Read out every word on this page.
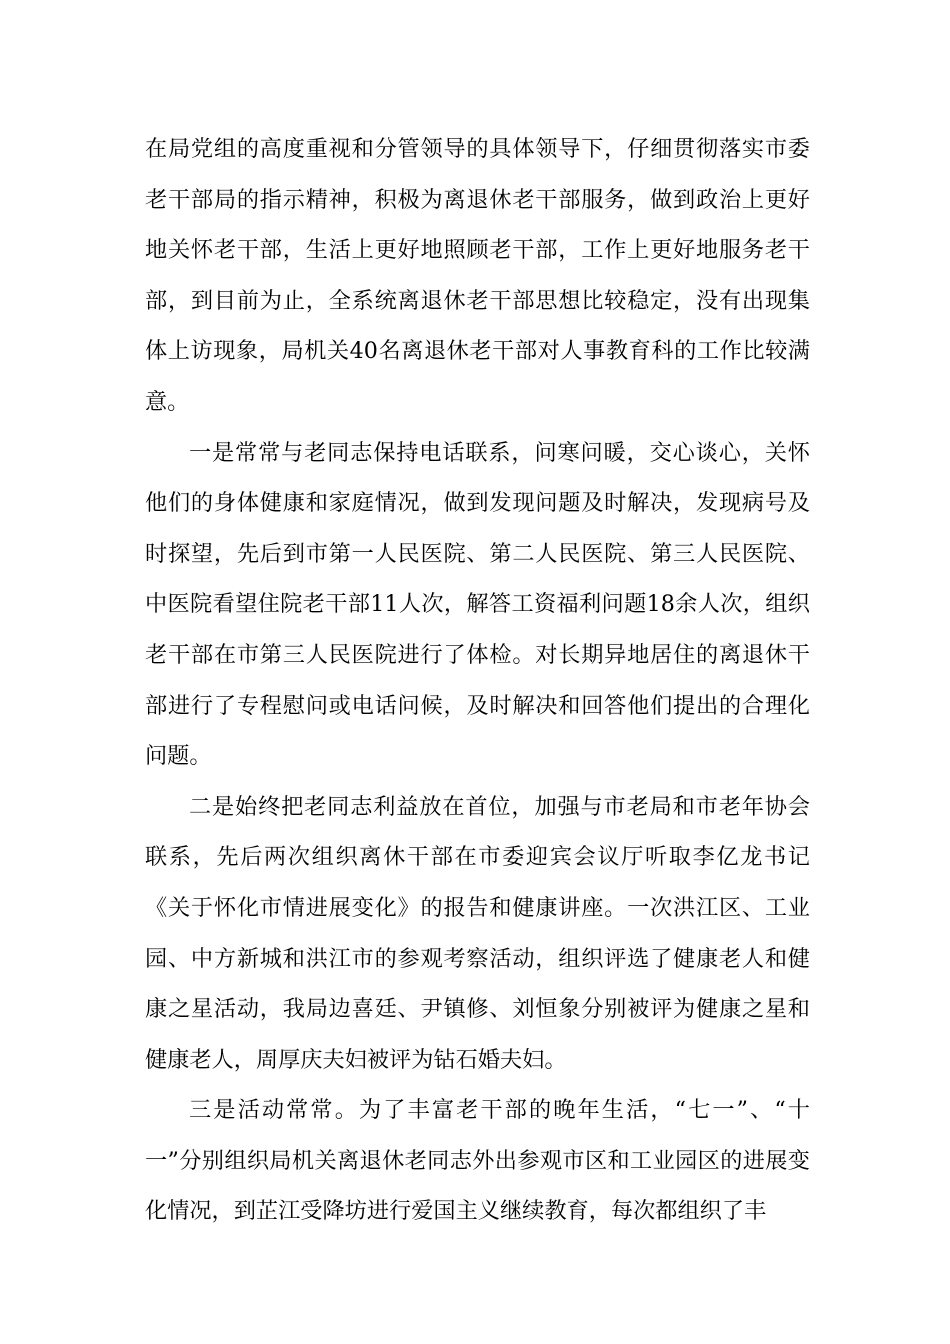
在局党组的高度重视和分管领导的具体领导下，仔细贯彻落实市委老干部局的指示精神，积极为离退休老干部服务，做到政治上更好地关怀老干部，生活上更好地照顾老干部，工作上更好地服务老干部，到目前为止，全系统离退休老干部思想比较稳定，没有出现集体上访现象，局机关40名离退休老干部对人事教育科的工作比较满意。

一是常常与老同志保持电话联系，问寒问暖，交心谈心，关怀他们的身体健康和家庭情况，做到发现问题及时解决，发现病号及时探望，先后到市第一人民医院、第二人民医院、第三人民医院、中医院看望住院老干部11人次，解答工资福利问题18余人次，组织老干部在市第三人民医院进行了体检。对长期异地居住的离退休干部进行了专程慰问或电话问候，及时解决和回答他们提出的合理化问题。

二是始终把老同志利益放在首位，加强与市老局和市老年协会联系，先后两次组织离休干部在市委迎宾会议厅听取李亿龙书记《关于怀化市情进展变化》的报告和健康讲座。一次洪江区、工业园、中方新城和洪江市的参观考察活动，组织评选了健康老人和健康之星活动，我局边喜廷、尹镇修、刘恒象分别被评为健康之星和健康老人，周厚庆夫妇被评为钻石婚夫妇。

三是活动常常。为了丰富老干部的晚年生活，“七一”、“十一”分别组织局机关离退休老同志外出参观市区和工业园区的进展变化情况，到芷江受降坊进行爱国主义继续教育，每次都组织了丰
